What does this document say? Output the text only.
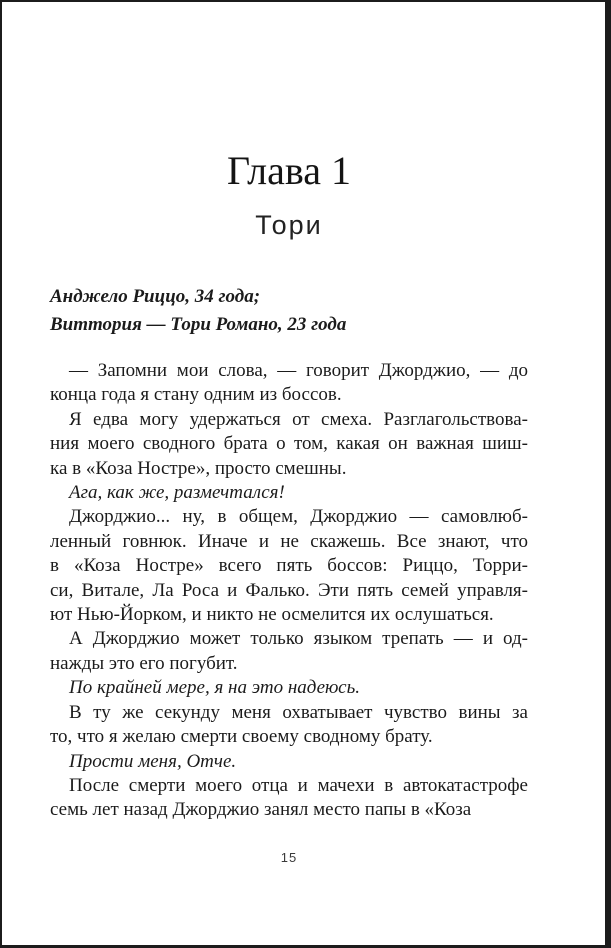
Глава 1
Тори
Анджело Риццо, 34 года;
Виттория — Тори Романо, 23 года
— Запомни мои слова, — говорит Джорджио, — до
конца года я стану одним из боссов.
Я едва могу удержаться от смеха. Разглагольствова-
ния моего сводного брата о том, какая он важная шиш-
ка в «Коза Ностре», просто смешны.
Ага, как же, размечтался!
Джорджио... ну, в общем, Джорджио — самовлюб-
ленный говнюк. Иначе и не скажешь. Все знают, что
в «Коза Ностре» всего пять боссов: Риццо, Торри-
си, Витале, Ла Роса и Фалько. Эти пять семей управля-
ют Нью-Йорком, и никто не осмелится их ослушаться.
А Джорджио может только языком трепать — и од-
нажды это его погубит.
По крайней мере, я на это надеюсь.
В ту же секунду меня охватывает чувство вины за
то, что я желаю смерти своему сводному брату.
Прости меня, Отче.
После смерти моего отца и мачехи в автокатастрофе
семь лет назад Джорджио занял место папы в «Коза
15
